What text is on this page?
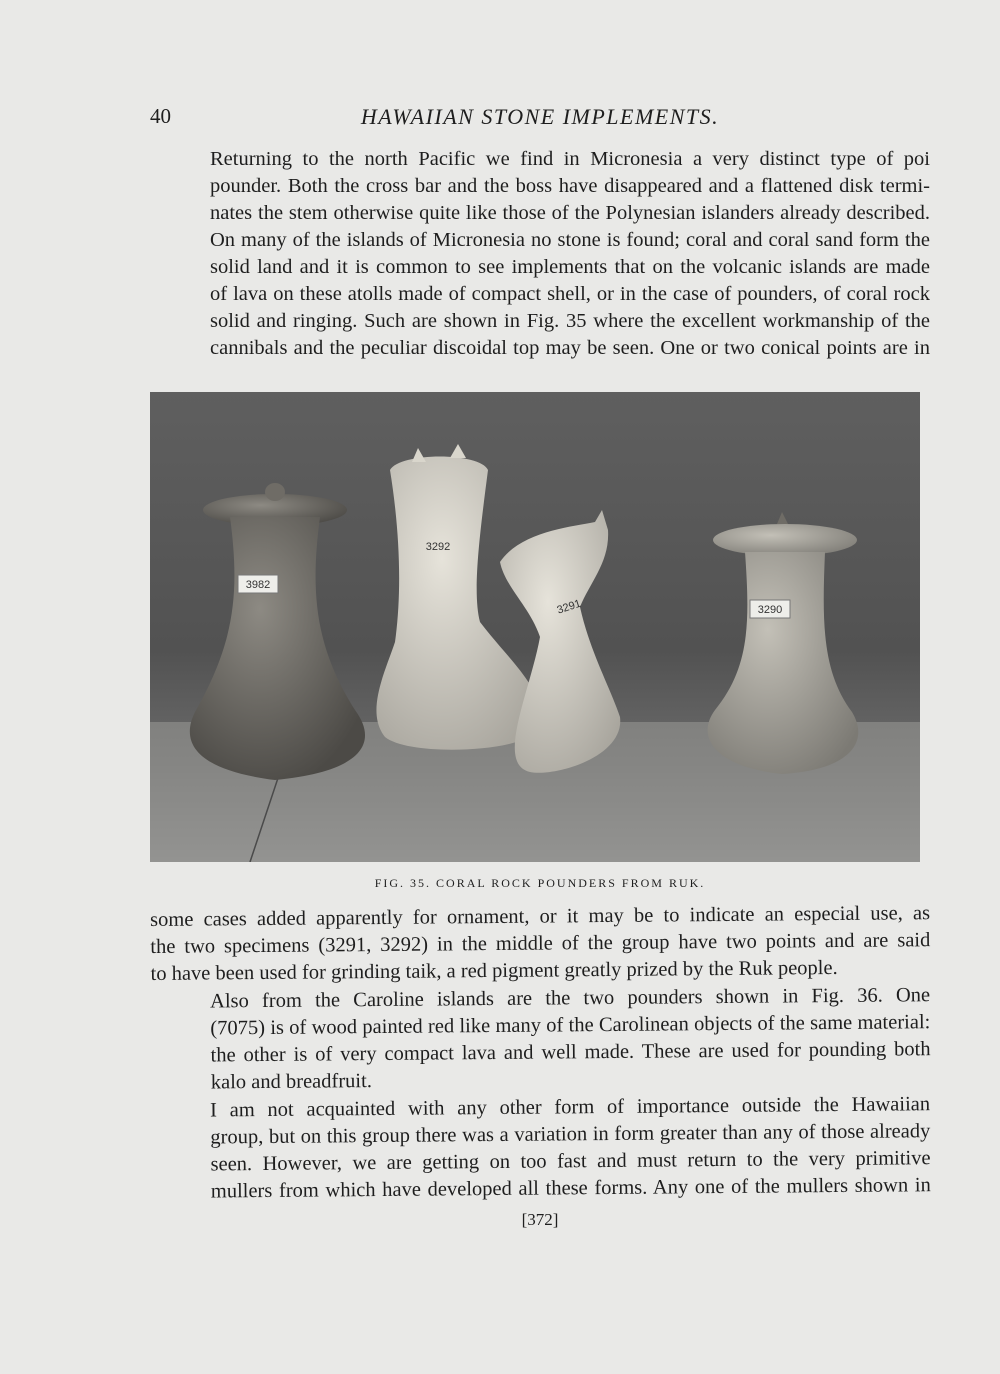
40	HAWAIIAN STONE IMPLEMENTS.

Returning to the north Pacific we find in Micronesia a very distinct type of poi
pounder. Both the cross bar and the boss have disappeared and a flattened disk termi-
nates the stem otherwise quite like those of the Polynesian islanders already described.
On many of the islands of Micronesia no stone is found; coral and coral sand form the
solid land and it is common to see implements that on the volcanic islands are made
of lava on these atolls made of compact shell, or in the case of pounders, of coral rock
solid and ringing. Such are shown in Fig. 35 where the excellent workmanship of the
cannibals and the peculiar discoidal top may be seen. One or two conical points are in

3982
3292
3291	3290
FIG. 35. CORAL ROCK POUNDERS FROM RUK.

some cases added apparently for ornament, or it may be to indicate an especial use, as
the two specimens (3291, 3292) in the middle of the group have two points and are said
to have been used for grinding taik, a red pigment greatly prized by the Ruk people.

Also from the Caroline islands are the two pounders shown in Fig. 36. One
(7075) is of wood painted red like many of the Carolinean objects of the same material:
the other is of very compact lava and well made. These are used for pounding both
kalo and breadfruit.

I am not acquainted with any other form of importance outside the Hawaiian
group, but on this group there was a variation in form greater than any of those already
seen. However, we are getting on too fast and must return to the very primitive
mullers from which have developed all these forms. Any one of the mullers shown in

[372]
